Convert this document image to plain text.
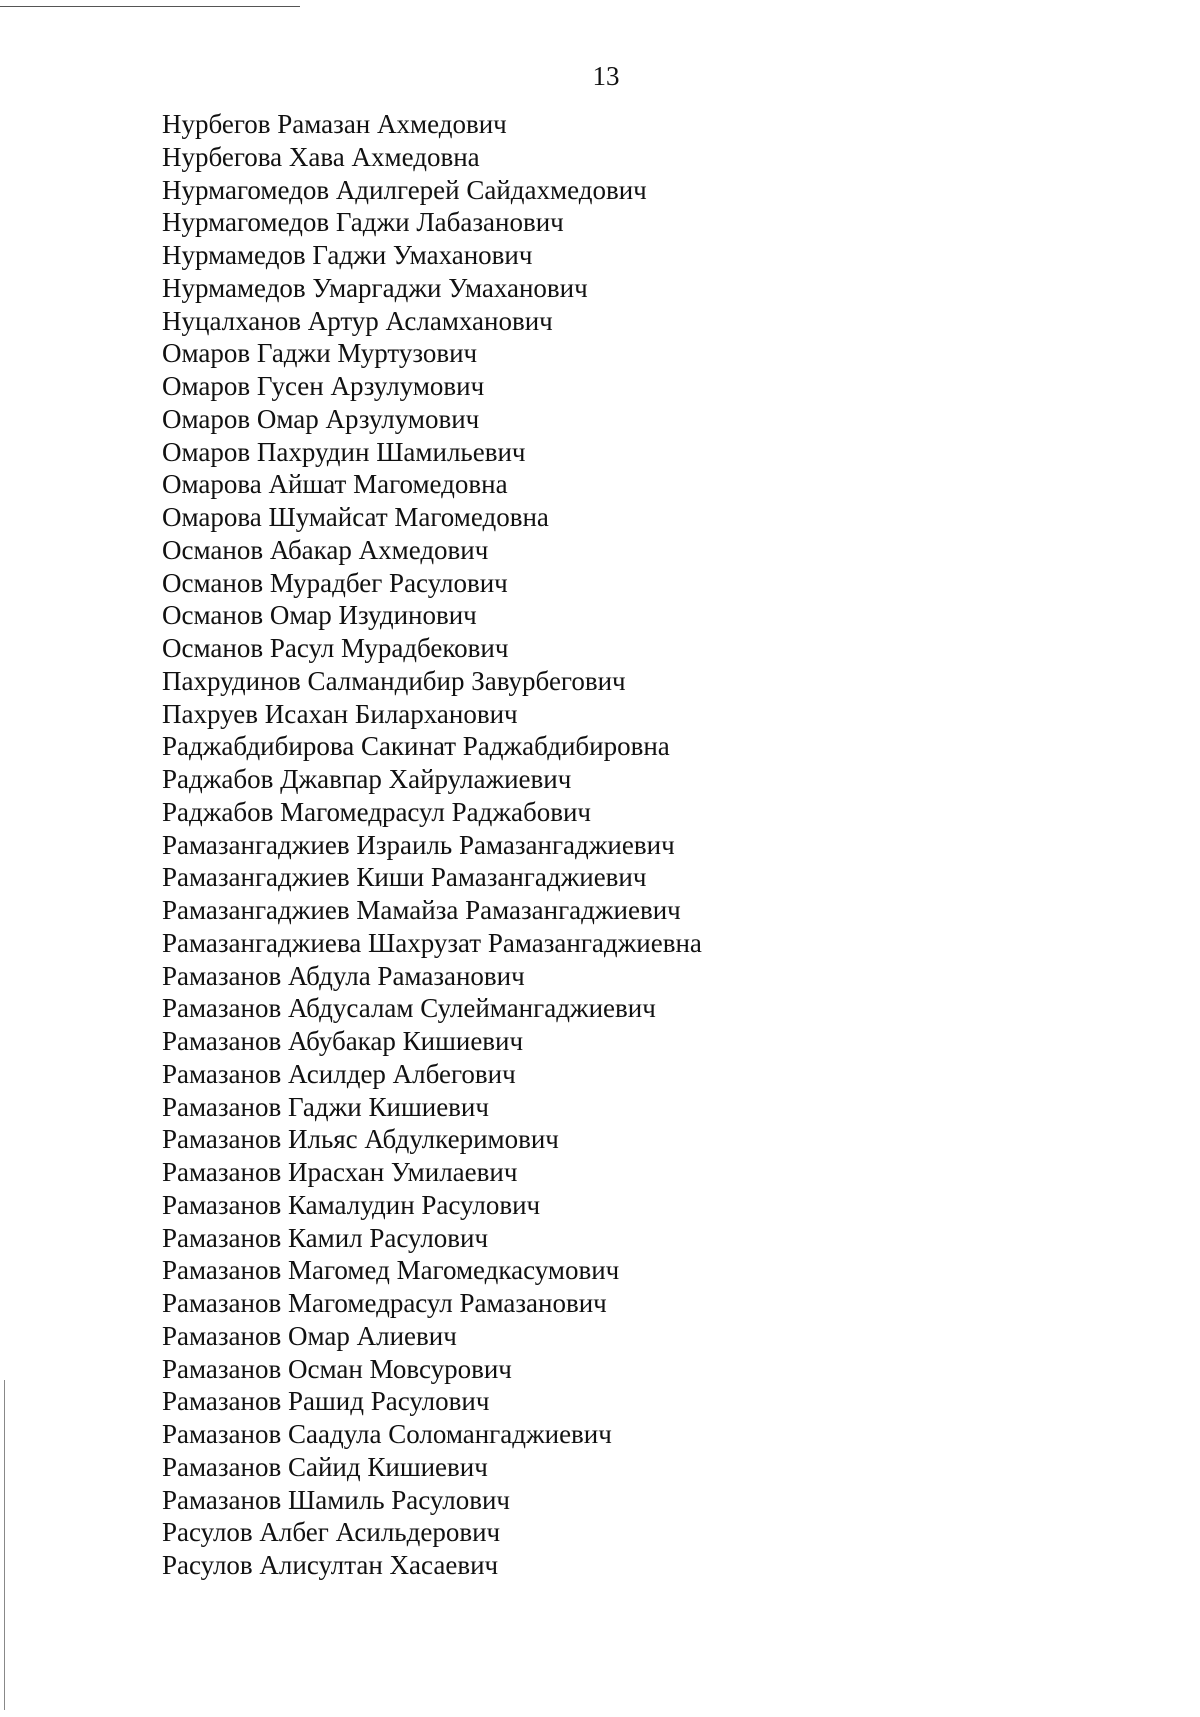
13
Нурбегов Рамазан Ахмедович
Нурбегова Хава Ахмедовна
Нурмагомедов Адилгерей Сайдахмедович
Нурмагомедов Гаджи Лабазанович
Нурмамедов Гаджи Умаханович
Нурмамедов Умаргаджи Умаханович
Нуцалханов Артур Асламханович
Омаров Гаджи Муртузович
Омаров Гусен Арзулумович
Омаров Омар Арзулумович
Омаров Пахрудин Шамильевич
Омарова Айшат Магомедовна
Омарова Шумайсат Магомедовна
Османов Абакар Ахмедович
Османов Мурадбег Расулович
Османов Омар Изудинович
Османов Расул Мурадбекович
Пахрудинов Салмандибир Завурбегович
Пахруев Исахан Биларханович
Раджабдибирова Сакинат Раджабдибировна
Раджабов Джавпар Хайрулажиевич
Раджабов Магомедрасул Раджабович
Рамазангаджиев Израиль Рамазангаджиевич
Рамазангаджиев Киши Рамазангаджиевич
Рамазангаджиев Мамайза Рамазангаджиевич
Рамазангаджиева Шахрузат Рамазангаджиевна
Рамазанов Абдула Рамазанович
Рамазанов Абдусалам Сулеймангаджиевич
Рамазанов Абубакар Кишиевич
Рамазанов Асилдер Албегович
Рамазанов Гаджи Кишиевич
Рамазанов Ильяс Абдулкеримович
Рамазанов Ирасхан Умилаевич
Рамазанов Камалудин Расулович
Рамазанов Камил Расулович
Рамазанов Магомед Магомедкасумович
Рамазанов Магомедрасул Рамазанович
Рамазанов Омар Алиевич
Рамазанов Осман Мовсурович
Рамазанов Рашид Расулович
Рамазанов Саадула Соломангаджиевич
Рамазанов Сайид Кишиевич
Рамазанов Шамиль Расулович
Расулов Албег Асильдерович
Расулов Алисултан Хасаевич
